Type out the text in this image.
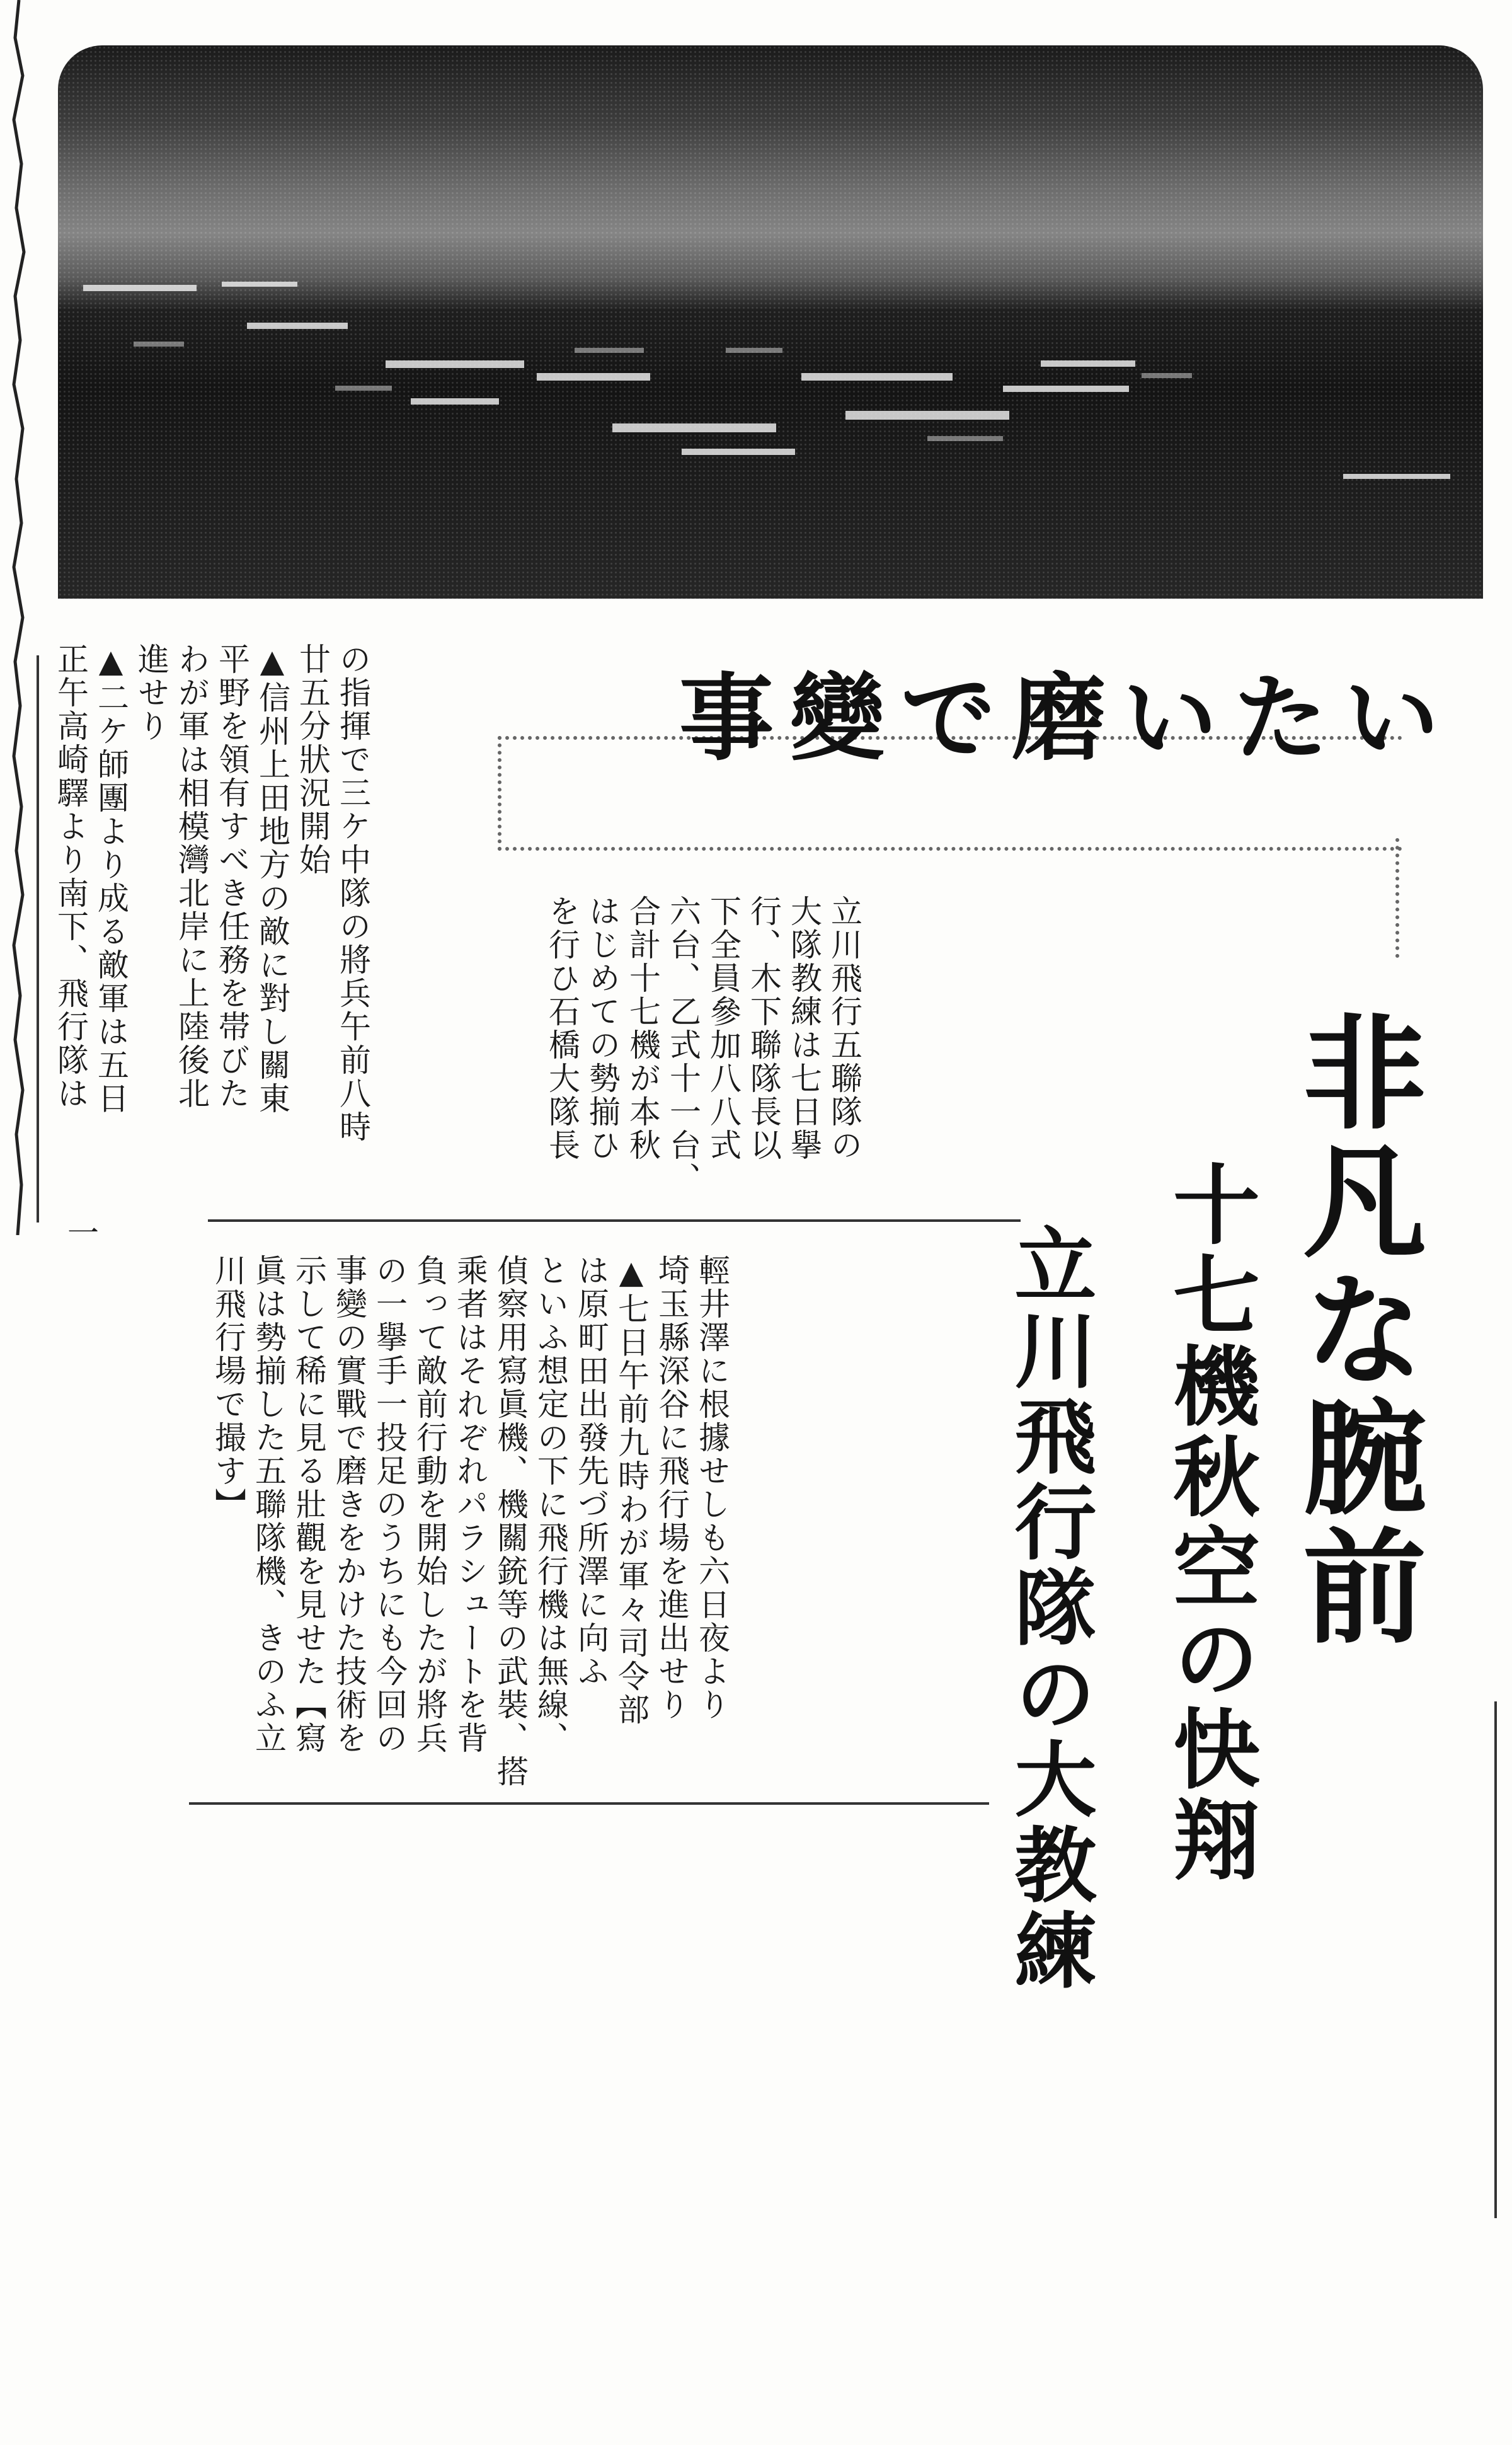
事變で磨いたい
非凡な腕前
十七機秋空の快翔
立川飛行隊の大教練
の指揮で三ケ中隊の將兵午前八時
廿五分狀況開始
▲信州上田地方の敵に對し關東
平野を領有すべき任務を帯びた
わが軍は相模灣北岸に上陸後北
進せり
▲二ケ師團より成る敵軍は五日
正午高崎驛より南下、飛行隊は	立川飛行五聯隊の
大隊教練は七日擧
行、木下聯隊長以
下全員參加八八式
六台、乙式十一台、
合計十七機が本秋
はじめての勢揃ひ
を行ひ石橋大隊長
輕井澤に根據せしも六日夜より
埼玉縣深谷に飛行場を進出せり
▲七日午前九時わが軍々司令部
は原町田出發先づ所澤に向ふ
といふ想定の下に飛行機は無線、
偵察用寫眞機、機關銃等の武裝、搭
乘者はそれぞれパラシュートを背
負って敵前行動を開始したが將兵
の一擧手一投足のうちにも今回の
事變の實戰で磨きをかけた技術を
示して稀に見る壯觀を見せた【寫
眞は勢揃した五聯隊機、きのふ立
川飛行場で撮す】
一
